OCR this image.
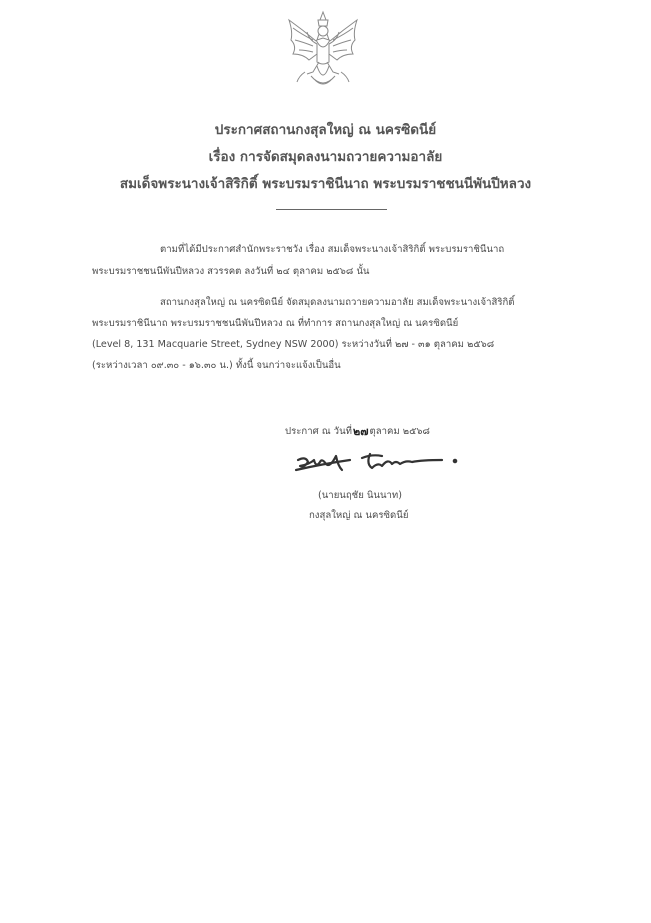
ประกาศสถานกงสุลใหญ่ ณ นครซิดนีย์
เรื่อง การจัดสมุดลงนามถวายความอาลัย
สมเด็จพระนางเจ้าสิริกิติ์ พระบรมราชินีนาถ พระบรมราชชนนีพันปีหลวง
ตามที่ได้มีประกาศสำนักพระราชวัง เรื่อง สมเด็จพระนางเจ้าสิริกิติ์ พระบรมราชินีนาถ
พระบรมราชชนนีพันปีหลวง สวรรคต ลงวันที่ ๒๔ ตุลาคม ๒๕๖๘ นั้น
สถานกงสุลใหญ่ ณ นครซิดนีย์ จัดสมุดลงนามถวายความอาลัย สมเด็จพระนางเจ้าสิริกิติ์
พระบรมราชินีนาถ พระบรมราชชนนีพันปีหลวง ณ ที่ทำการ สถานกงสุลใหญ่ ณ นครซิดนีย์
(Level 8, 131 Macquarie Street, Sydney NSW 2000) ระหว่างวันที่ ๒๗ - ๓๑ ตุลาคม ๒๕๖๘
(ระหว่างเวลา ๐๙.๓๐ - ๑๖.๓๐ น.) ทั้งนี้ จนกว่าจะแจ้งเป็นอื่น
ประกาศ ณ วันที่ ๒๗ ตุลาคม ๒๕๖๘
(นายนฤชัย นินนาท)
กงสุลใหญ่ ณ นครซิดนีย์
